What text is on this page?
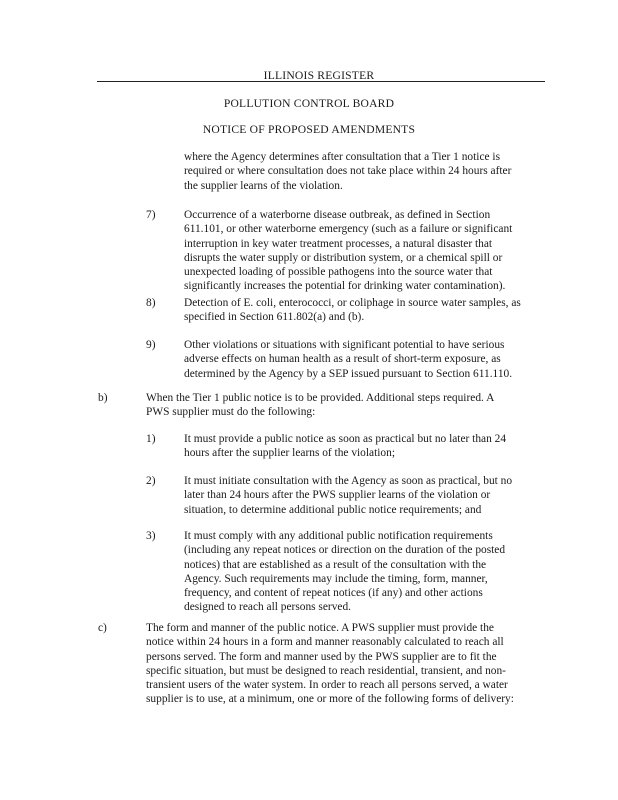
ILLINOIS REGISTER
POLLUTION CONTROL BOARD
NOTICE OF PROPOSED AMENDMENTS
where the Agency determines after consultation that a Tier 1 notice is
required or where consultation does not take place within 24 hours after
the supplier learns of the violation.
7)	Occurrence of a waterborne disease outbreak, as defined in Section
611.101, or other waterborne emergency (such as a failure or significant
interruption in key water treatment processes, a natural disaster that
disrupts the water supply or distribution system, or a chemical spill or
unexpected loading of possible pathogens into the source water that
significantly increases the potential for drinking water contamination).
8)	Detection of E. coli, enterococci, or coliphage in source water samples, as
specified in Section 611.802(a) and (b).
9)	Other violations or situations with significant potential to have serious
adverse effects on human health as a result of short-term exposure, as
determined by the Agency by a SEP issued pursuant to Section 611.110.
b)	When the Tier 1 public notice is to be provided. Additional steps required. A
PWS supplier must do the following:
1)	It must provide a public notice as soon as practical but no later than 24
hours after the supplier learns of the violation;
2)	It must initiate consultation with the Agency as soon as practical, but no
later than 24 hours after the PWS supplier learns of the violation or
situation, to determine additional public notice requirements; and
3)	It must comply with any additional public notification requirements
(including any repeat notices or direction on the duration of the posted
notices) that are established as a result of the consultation with the
Agency. Such requirements may include the timing, form, manner,
frequency, and content of repeat notices (if any) and other actions
designed to reach all persons served.
c)	The form and manner of the public notice. A PWS supplier must provide the
notice within 24 hours in a form and manner reasonably calculated to reach all
persons served. The form and manner used by the PWS supplier are to fit the
specific situation, but must be designed to reach residential, transient, and non-
transient users of the water system. In order to reach all persons served, a water
supplier is to use, at a minimum, one or more of the following forms of delivery:
